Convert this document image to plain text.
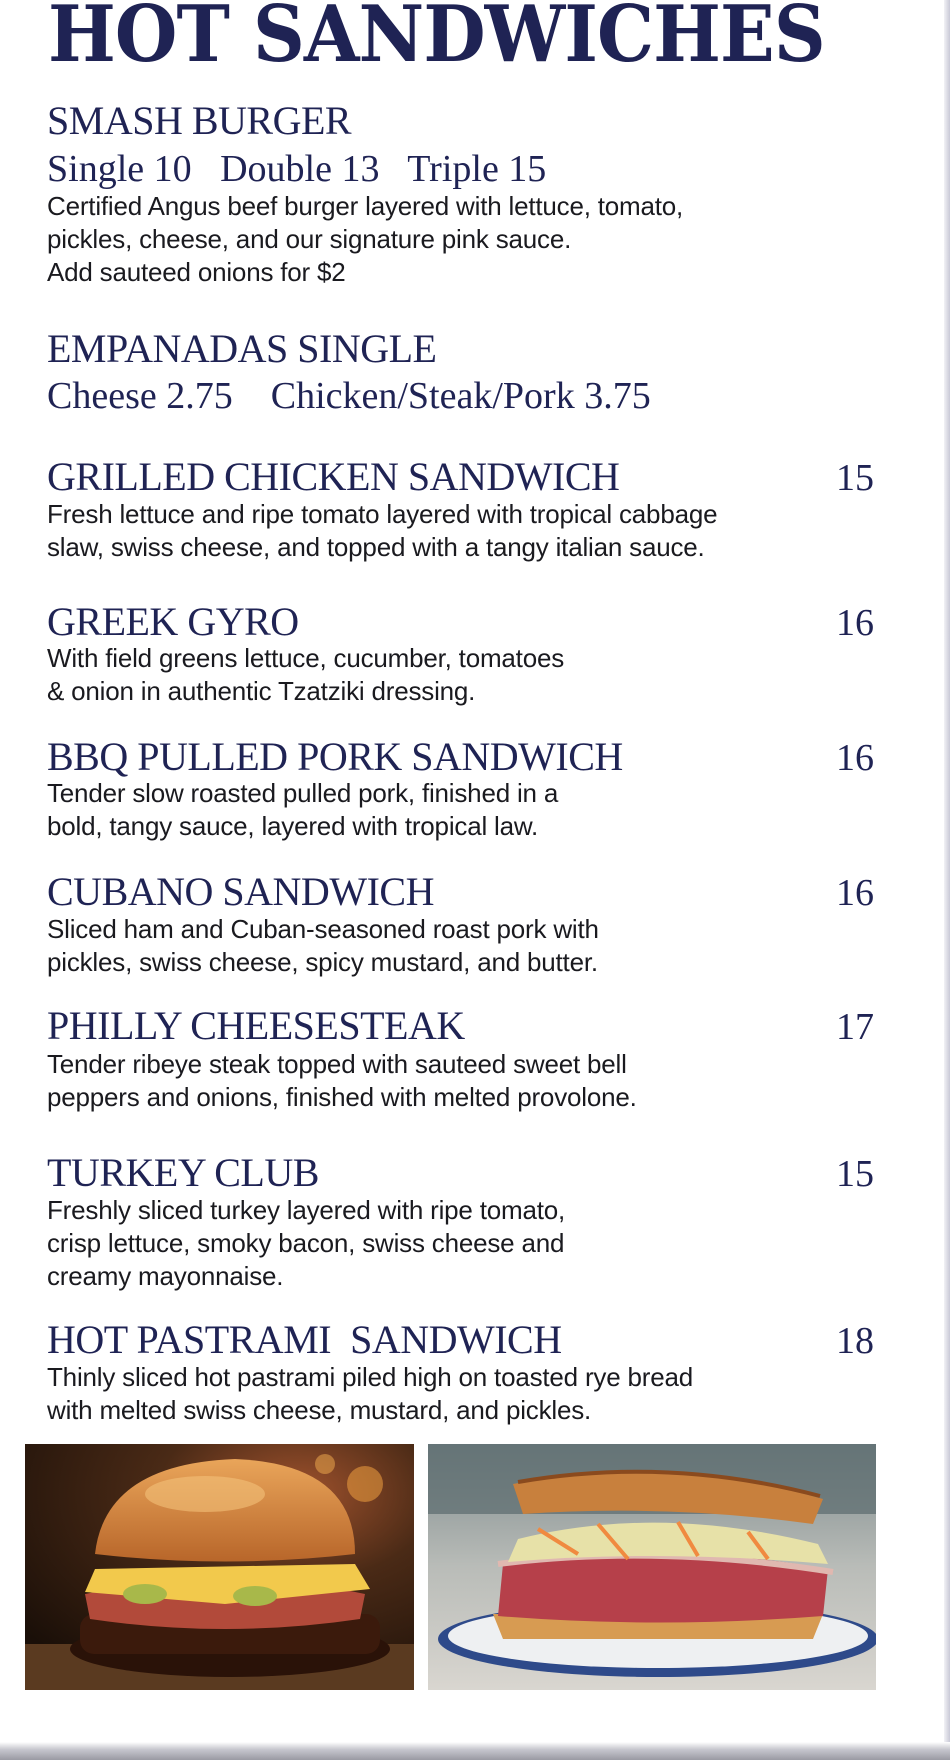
HOT SANDWICHES
SMASH BURGER
Single 10   Double 13   Triple 15
Certified Angus beef burger layered with lettuce, tomato,
pickles, cheese, and our signature pink sauce.
Add sauteed onions for $2
EMPANADAS SINGLE
Cheese 2.75    Chicken/Steak/Pork 3.75
GRILLED CHICKEN SANDWICH	15
Fresh lettuce and ripe tomato layered with tropical cabbage
slaw, swiss cheese, and topped with a tangy italian sauce.
GREEK GYRO	16
With field greens lettuce, cucumber, tomatoes
& onion in authentic Tzatziki dressing.
BBQ PULLED PORK SANDWICH	16
Tender slow roasted pulled pork, finished in a
bold, tangy sauce, layered with tropical law.
CUBANO SANDWICH	16
Sliced ham and Cuban-seasoned roast pork with
pickles, swiss cheese, spicy mustard, and butter.
PHILLY CHEESESTEAK	17
Tender ribeye steak topped with sauteed sweet bell
peppers and onions, finished with melted provolone.
TURKEY CLUB	15
Freshly sliced turkey layered with ripe tomato,
crisp lettuce, smoky bacon, swiss cheese and
creamy mayonnaise.
HOT PASTRAMI  SANDWICH	18
Thinly sliced hot pastrami piled high on toasted rye bread
with melted swiss cheese, mustard, and pickles.
